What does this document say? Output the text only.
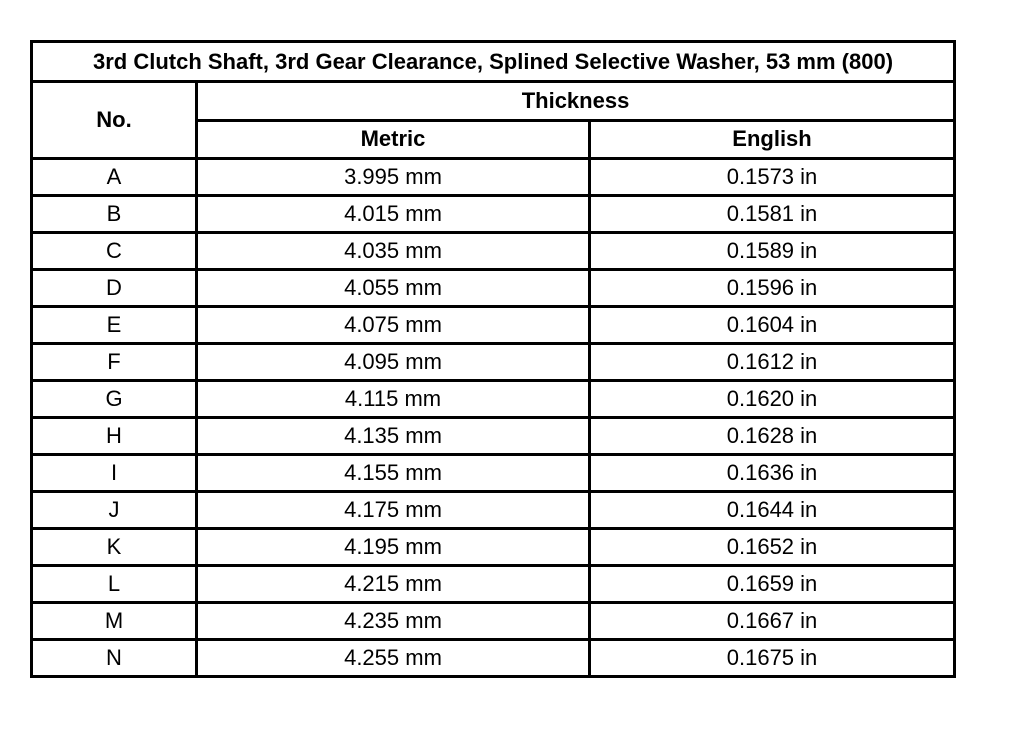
3rd Clutch Shaft, 3rd Gear Clearance, Splined Selective Washer, 53 mm (800)		
No.	Thickness	
	Metric	English
A	3.995 mm	0.1573 in
B	4.015 mm	0.1581 in
C	4.035 mm	0.1589 in
D	4.055 mm	0.1596 in
E	4.075 mm	0.1604 in
F	4.095 mm	0.1612 in
G	4.115 mm	0.1620 in
H	4.135 mm	0.1628 in
I	4.155 mm	0.1636 in
J	4.175 mm	0.1644 in
K	4.195 mm	0.1652 in
L	4.215 mm	0.1659 in
M	4.235 mm	0.1667 in
N	4.255 mm	0.1675 in
